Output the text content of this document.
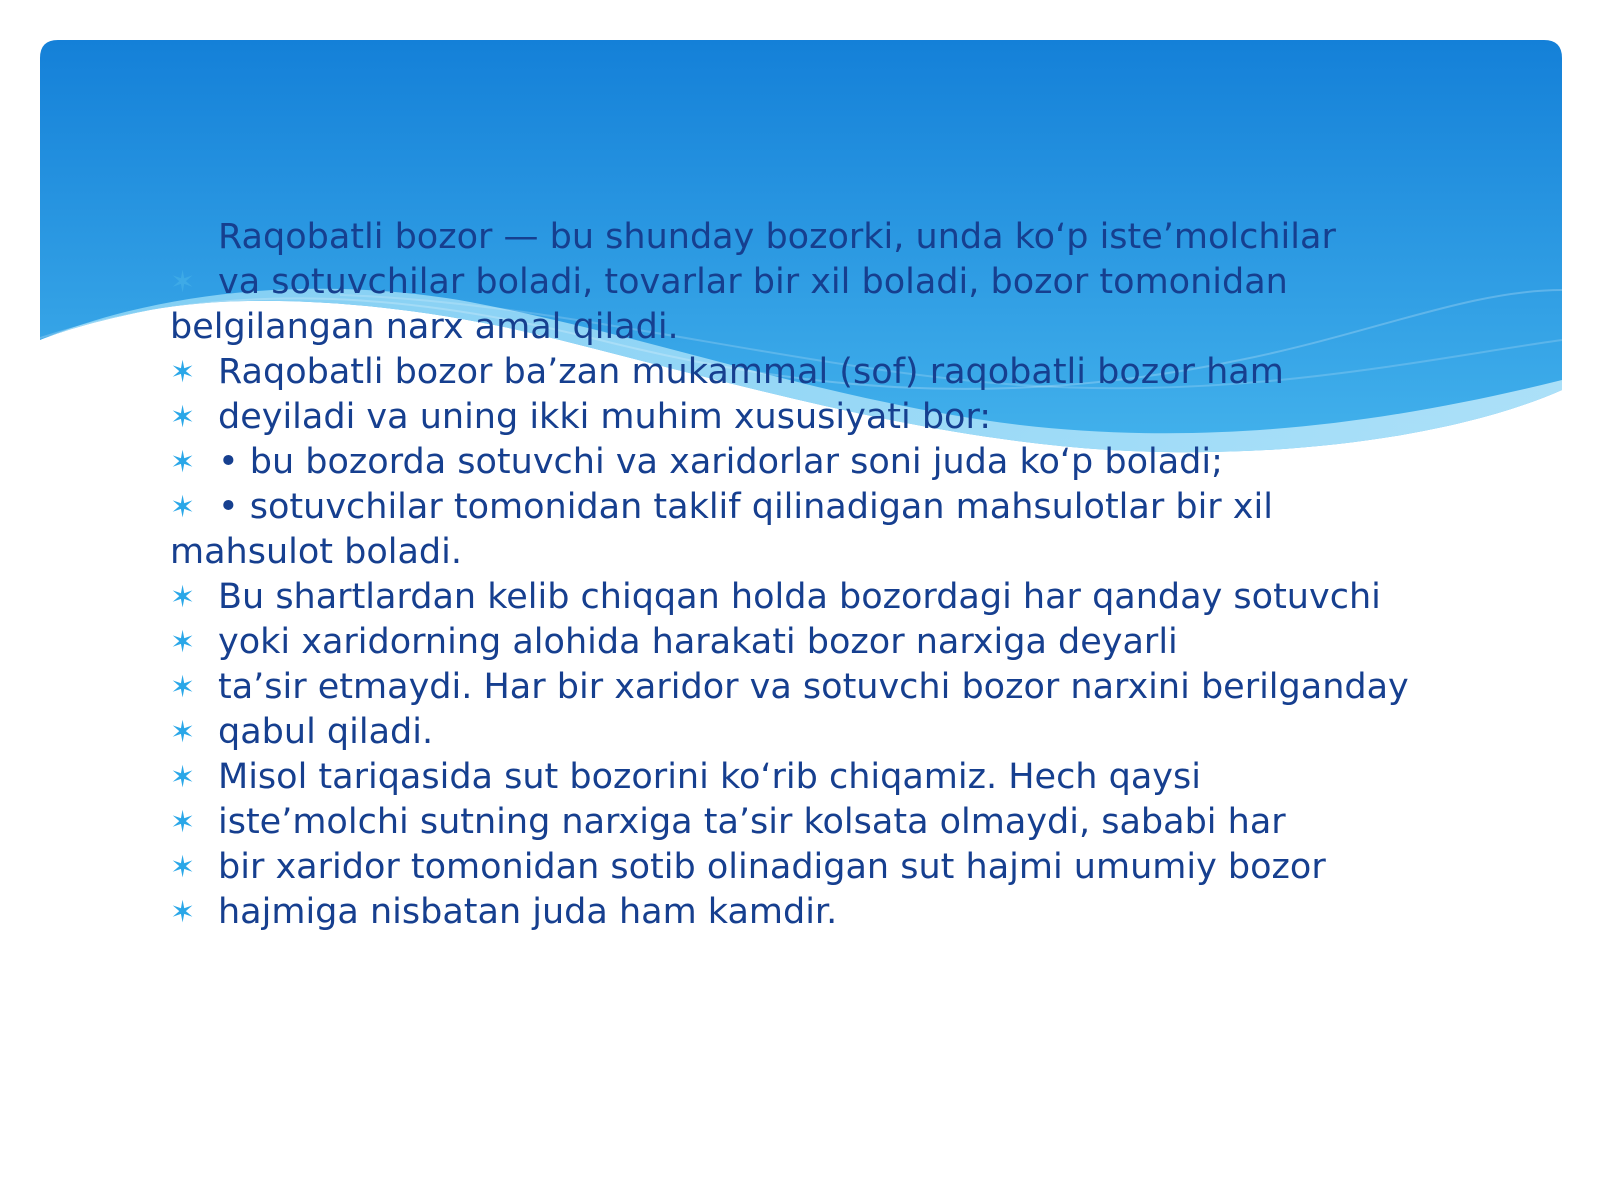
Raqobatli bozor — bu shunday bozorki, unda ko‘p iste’molchilar
✶ va sotuvchilar boladi, tovarlar bir xil boladi, bozor tomonidan
belgilangan narx amal qiladi.
✶ Raqobatli bozor ba’zan mukammal (sof) raqobatli bozor ham
✶ deyiladi va uning ikki muhim xususiyati bor:
✶ • bu bozorda sotuvchi va xaridorlar soni juda ko‘p boladi;
✶ • sotuvchilar tomonidan taklif qilinadigan mahsulotlar bir xil
mahsulot boladi.
✶ Bu shartlardan kelib chiqqan holda bozordagi har qanday sotuvchi
✶ yoki xaridorning alohida harakati bozor narxiga deyarli
✶ ta’sir etmaydi. Har bir xaridor va sotuvchi bozor narxini berilganday
✶ qabul qiladi.
✶ Misol tariqasida sut bozorini ko‘rib chiqamiz. Hech qaysi
✶ iste’molchi sutning narxiga ta’sir kolsata olmaydi, sababi har
✶ bir xaridor tomonidan sotib olinadigan sut hajmi umumiy bozor
✶ hajmiga nisbatan juda ham kamdir.
